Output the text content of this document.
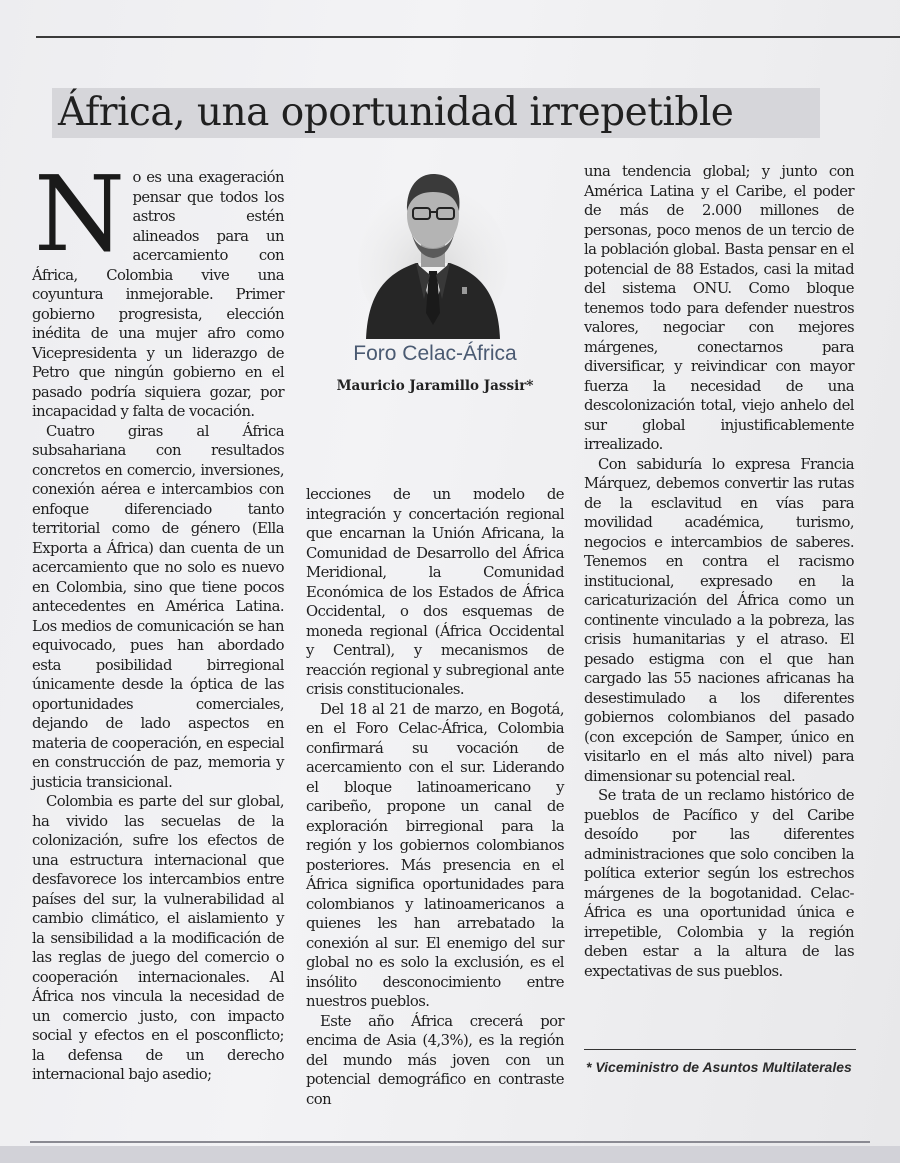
África, una oportunidad irrepetible

No es una exageración pensar que todos los astros estén alineados para un acercamiento con África, Colombia vive una coyuntura inmejorable. Primer gobierno progresista, elección inédita de una mujer afro como Vicepresidenta y un liderazgo de Petro que ningún gobierno en el pasado podría siquiera gozar, por incapacidad y falta de vocación.

Cuatro giras al África subsahariana con resultados concretos en comercio, inversiones, conexión aérea e intercambios con enfoque diferenciado tanto territorial como de género (Ella Exporta a África) dan cuenta de un acercamiento que no solo es nuevo en Colombia, sino que tiene pocos antecedentes en América Latina. Los medios de comunicación se han equivocado, pues han abordado esta posibilidad birregional únicamente desde la óptica de las oportunidades comerciales, dejando de lado aspectos en materia de cooperación, en especial en construcción de paz, memoria y justicia transicional.

Colombia es parte del sur global, ha vivido las secuelas de la colonización, sufre los efectos de una estructura internacional que desfavorece los intercambios entre países del sur, la vulnerabilidad al cambio climático, el aislamiento y la sensibilidad a la modificación de las reglas de juego del comercio o cooperación internacionales. Al África nos vincula la necesidad de un comercio justo, con impacto social y efectos en el posconflicto; la defensa de un derecho internacional bajo asedio;

Foro Celac-África
Mauricio Jaramillo Jassir*

lecciones de un modelo de integración y concertación regional que encarnan la Unión Africana, la Comunidad de Desarrollo del África Meridional, la Comunidad Económica de los Estados de África Occidental, o dos esquemas de moneda regional (África Occidental y Central), y mecanismos de reacción regional y subregional ante crisis constitucionales.

Del 18 al 21 de marzo, en Bogotá, en el Foro Celac-África, Colombia confirmará su vocación de acercamiento con el sur. Liderando el bloque latinoamericano y caribeño, propone un canal de exploración birregional para la región y los gobiernos colombianos posteriores. Más presencia en el África significa oportunidades para colombianos y latinoamericanos a quienes les han arrebatado la conexión al sur. El enemigo del sur global no es solo la exclusión, es el insólito desconocimiento entre nuestros pueblos.

Este año África crecerá por encima de Asia (4,3%), es la región del mundo más joven con un potencial demográfico en contraste con

una tendencia global; y junto con América Latina y el Caribe, el poder de más de 2.000 millones de personas, poco menos de un tercio de la población global. Basta pensar en el potencial de 88 Estados, casi la mitad del sistema ONU. Como bloque tenemos todo para defender nuestros valores, negociar con mejores márgenes, conectarnos para diversificar, y reivindicar con mayor fuerza la necesidad de una descolonización total, viejo anhelo del sur global injustificablemente irrealizado.

Con sabiduría lo expresa Francia Márquez, debemos convertir las rutas de la esclavitud en vías para movilidad académica, turismo, negocios e intercambios de saberes. Tenemos en contra el racismo institucional, expresado en la caricaturización del África como un continente vinculado a la pobreza, las crisis humanitarias y el atraso. El pesado estigma con el que han cargado las 55 naciones africanas ha desestimulado a los diferentes gobiernos colombianos del pasado (con excepción de Samper, único en visitarlo en el más alto nivel) para dimensionar su potencial real.

Se trata de un reclamo histórico de pueblos de Pacífico y del Caribe desoído por las diferentes administraciones que solo conciben la política exterior según los estrechos márgenes de la bogotanidad. Celac-África es una oportunidad única e irrepetible, Colombia y la región deben estar a la altura de las expectativas de sus pueblos.

* Viceministro de Asuntos Multilaterales
